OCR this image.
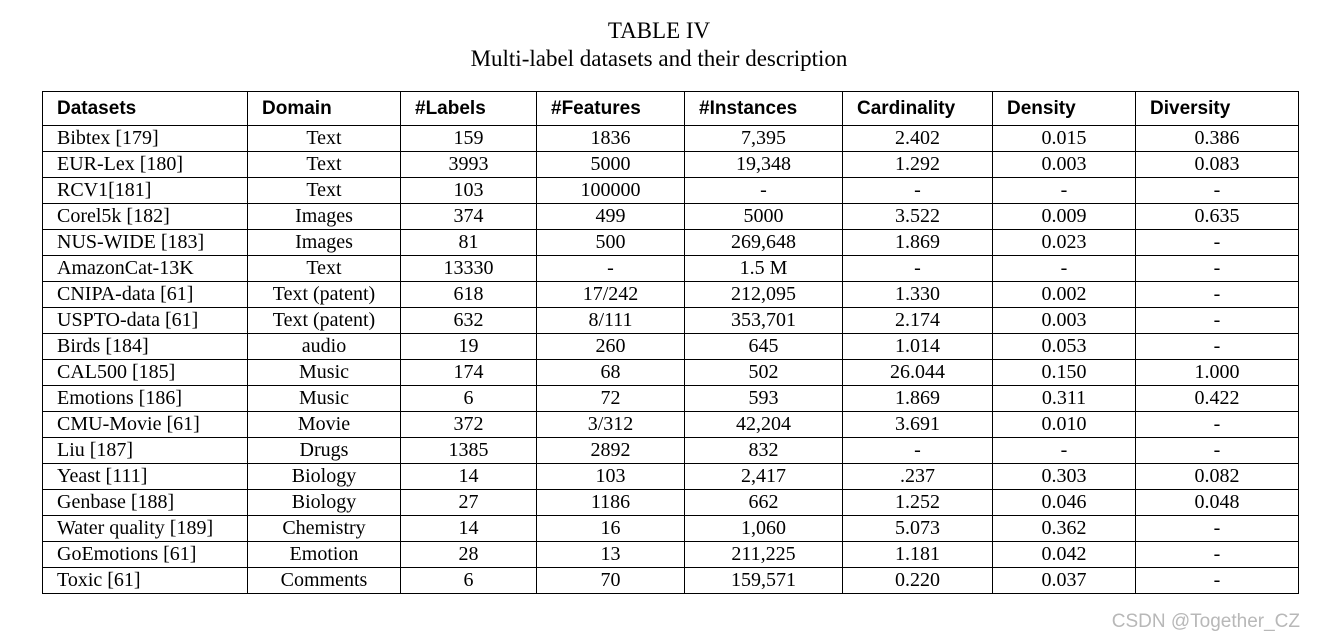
TABLE IV
Multi-label datasets and their description
Datasets	Domain	#Labels	#Features	#Instances	Cardinality	Density	Diversity
Bibtex [179]	Text	159	1836	7,395	2.402	0.015	0.386
EUR-Lex [180]	Text	3993	5000	19,348	1.292	0.003	0.083
RCV1[181]	Text	103	100000	-	-	-	-
Corel5k [182]	Images	374	499	5000	3.522	0.009	0.635
NUS-WIDE [183]	Images	81	500	269,648	1.869	0.023	-
AmazonCat-13K	Text	13330	-	1.5 M	-	-	-
CNIPA-data [61]	Text (patent)	618	17/242	212,095	1.330	0.002	-
USPTO-data [61]	Text (patent)	632	8/111	353,701	2.174	0.003	-
Birds [184]	audio	19	260	645	1.014	0.053	-
CAL500 [185]	Music	174	68	502	26.044	0.150	1.000
Emotions [186]	Music	6	72	593	1.869	0.311	0.422
CMU-Movie [61]	Movie	372	3/312	42,204	3.691	0.010	-
Liu [187]	Drugs	1385	2892	832	-	-	-
Yeast [111]	Biology	14	103	2,417	.237	0.303	0.082
Genbase [188]	Biology	27	1186	662	1.252	0.046	0.048
Water quality [189]	Chemistry	14	16	1,060	5.073	0.362	-
GoEmotions [61]	Emotion	28	13	211,225	1.181	0.042	-
Toxic [61]	Comments	6	70	159,571	0.220	0.037	-
CSDN @Together_CZ
